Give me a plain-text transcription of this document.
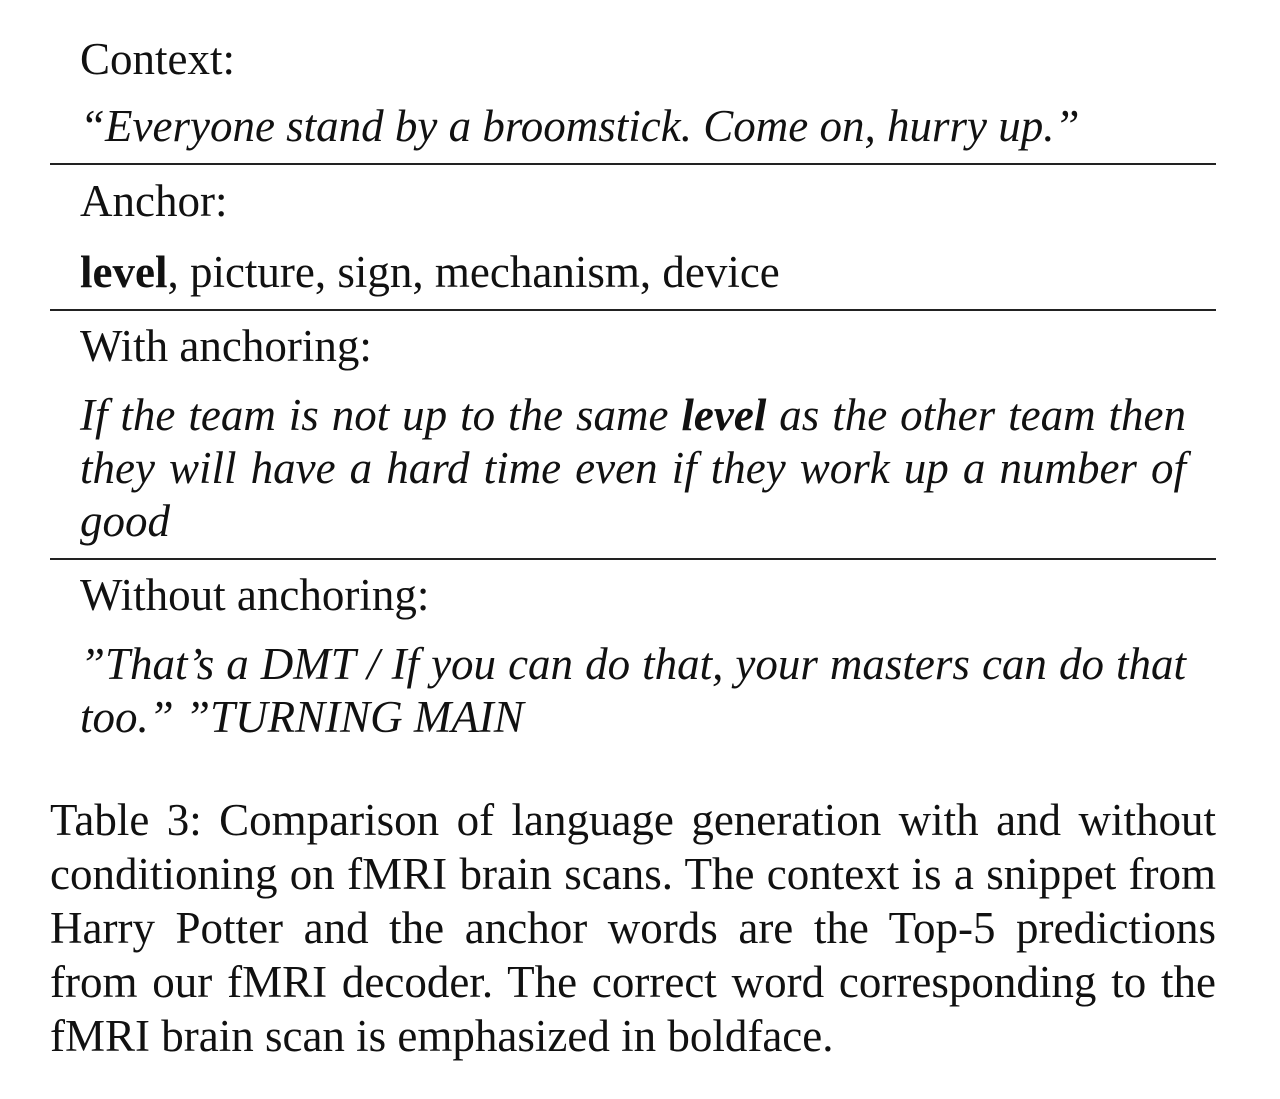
Context:
“Everyone stand by a broomstick. Come on, hurry up.”
Anchor:
level, picture, sign, mechanism, device
With anchoring:
If the team is not up to the same level as the other team then they will have a hard time even if they work up a number of good
Without anchoring:
”That’s a DMT / If you can do that, your masters can do that too.” ”TURNING MAIN
Table 3: Comparison of language generation with and without conditioning on fMRI brain scans. The context is a snippet from Harry Potter and the anchor words are the Top-5 predictions from our fMRI decoder. The correct word corresponding to the fMRI brain scan is emphasized in boldface.
